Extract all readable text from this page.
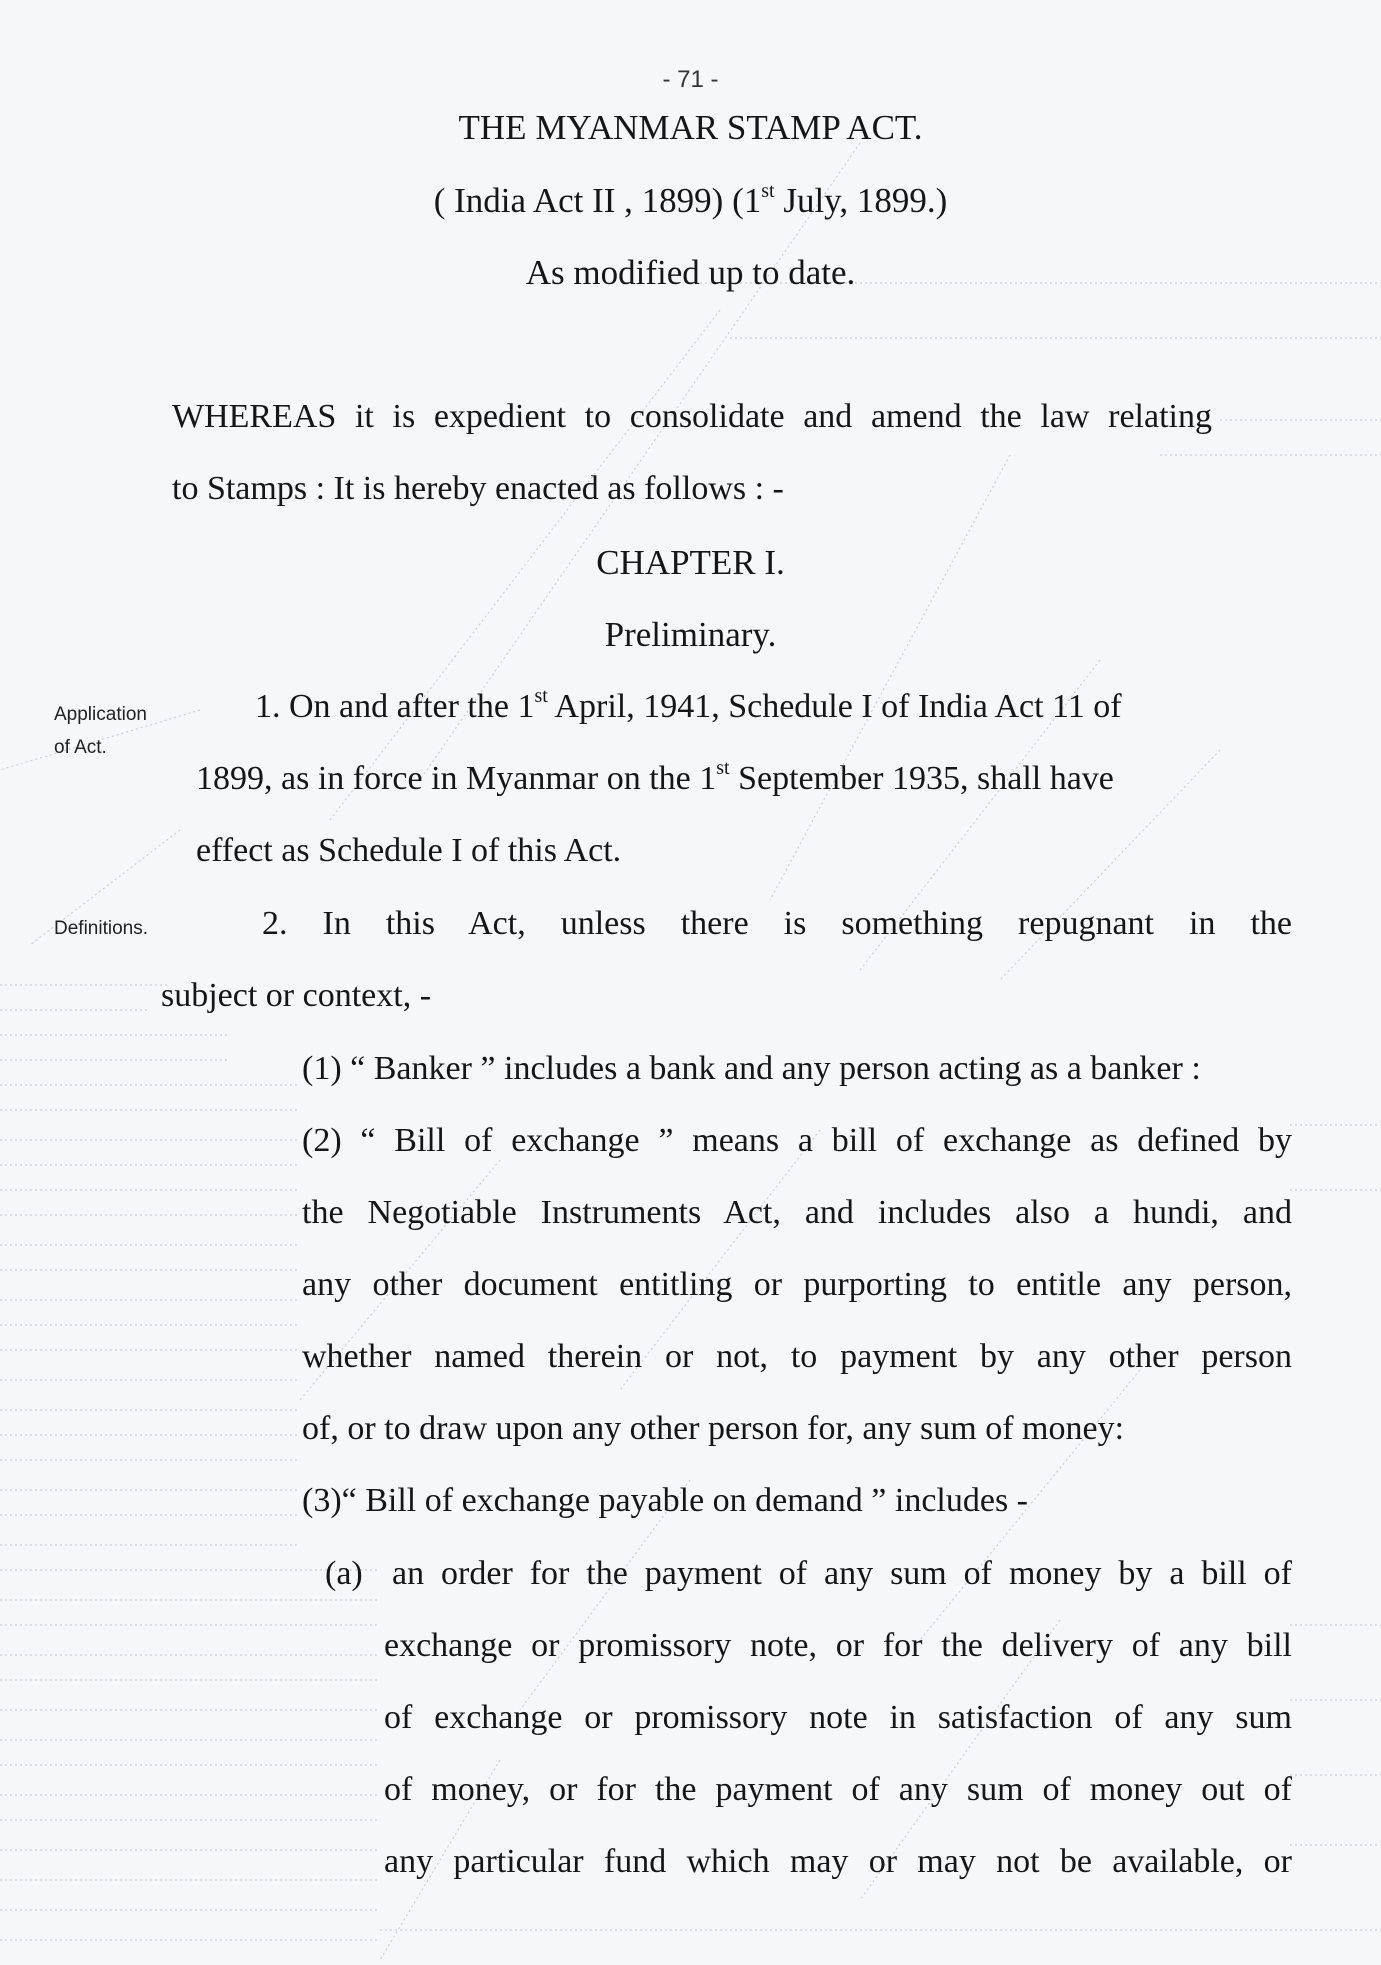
- 71 -
THE MYANMAR STAMP ACT.
( India Act II , 1899) (1st July, 1899.)
As modified up to date.
WHEREAS it is expedient to consolidate and amend the law relating
to Stamps : It is hereby enacted as follows : -
CHAPTER I.
Preliminary.
Application
of Act.
1. On and after the 1st April, 1941, Schedule I of India Act 11 of
1899, as in force in Myanmar on the 1st September 1935, shall have
effect as Schedule I of this Act.
Definitions.	2. In this Act, unless there is something repugnant in the
subject or context, -
(1) “ Banker ” includes a bank and any person acting as a banker :
(2) “ Bill of exchange ” means a bill of exchange as defined by
the Negotiable Instruments Act, and includes also a hundi, and
any other document entitling or purporting to entitle any person,
whether named therein or not, to payment by any other person
of, or to draw upon any other person for, any sum of money:
(3)“ Bill of exchange payable on demand ” includes -
(a) an order for the payment of any sum of money by a bill of
exchange or promissory note, or for the delivery of any bill
of exchange or promissory note in satisfaction of any sum
of money, or for the payment of any sum of money out of
any particular fund which may or may not be available, or
